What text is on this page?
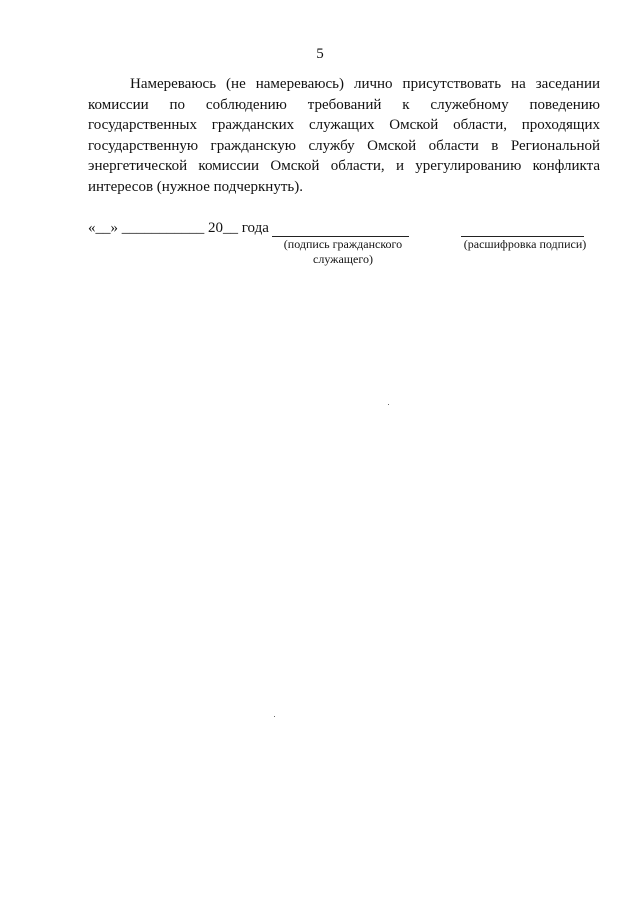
5
Намереваюсь (не намереваюсь) лично присутствовать на заседании
комиссии по соблюдению требований к служебному поведению
государственных гражданских служащих Омской области, проходящих
государственную гражданскую службу Омской области в Региональной
энергетической комиссии Омской области, и урегулированию конфликта
интересов (нужное подчеркнуть).
«__» ___________ 20__ года
(подпись гражданского
служащего)
(расшифровка подписи)
